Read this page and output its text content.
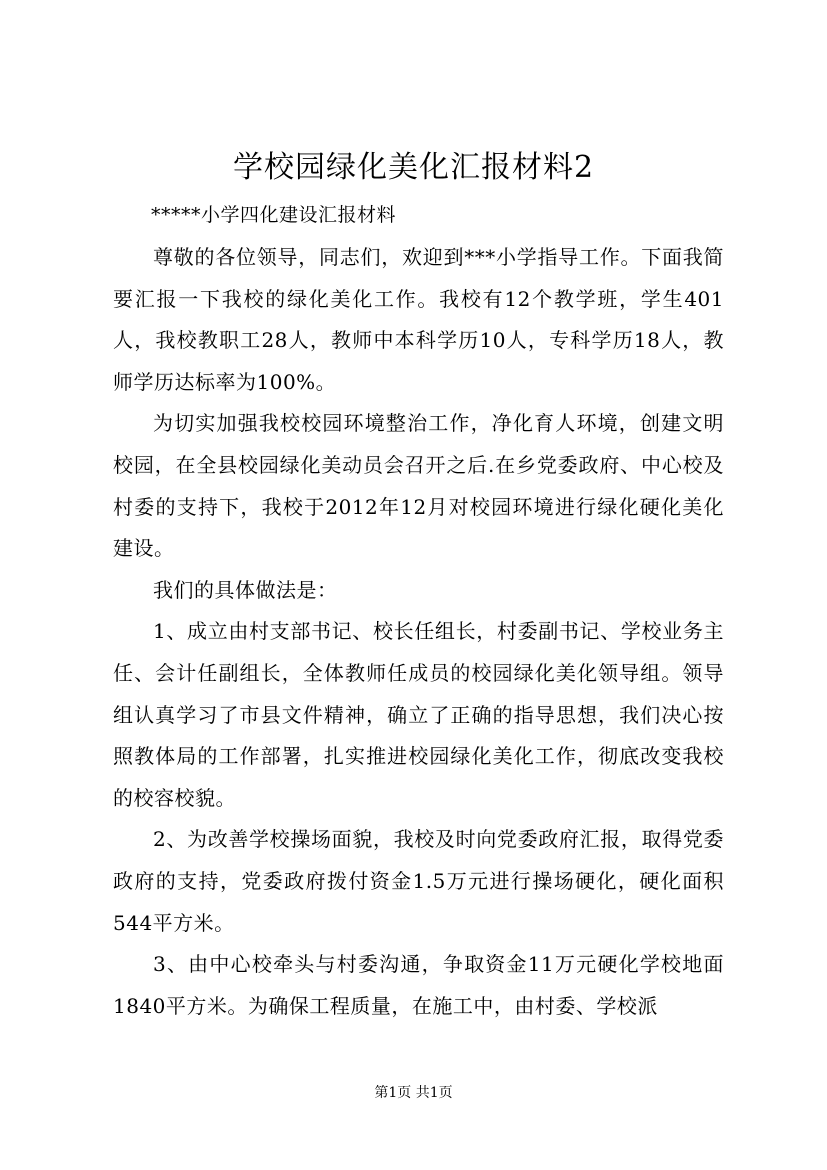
学校园绿化美化汇报材料2

*****小学四化建设汇报材料

尊敬的各位领导，同志们，欢迎到***小学指导工作。下面我简要汇报一下我校的绿化美化工作。我校有12个教学班，学生401人，我校教职工28人，教师中本科学历10人，专科学历18人，教师学历达标率为100%。

为切实加强我校校园环境整治工作，净化育人环境，创建文明校园，在全县校园绿化美动员会召开之后.在乡党委政府、中心校及村委的支持下，我校于2012年12月对校园环境进行绿化硬化美化建设。

我们的具体做法是：

1、成立由村支部书记、校长任组长，村委副书记、学校业务主任、会计任副组长，全体教师任成员的校园绿化美化领导组。领导组认真学习了市县文件精神，确立了正确的指导思想，我们决心按照教体局的工作部署，扎实推进校园绿化美化工作，彻底改变我校的校容校貌。

2、为改善学校操场面貌，我校及时向党委政府汇报，取得党委政府的支持，党委政府拨付资金1.5万元进行操场硬化，硬化面积544平方米。

3、由中心校牵头与村委沟通，争取资金11万元硬化学校地面1840平方米。为确保工程质量，在施工中，由村委、学校派

第1页 共1页
